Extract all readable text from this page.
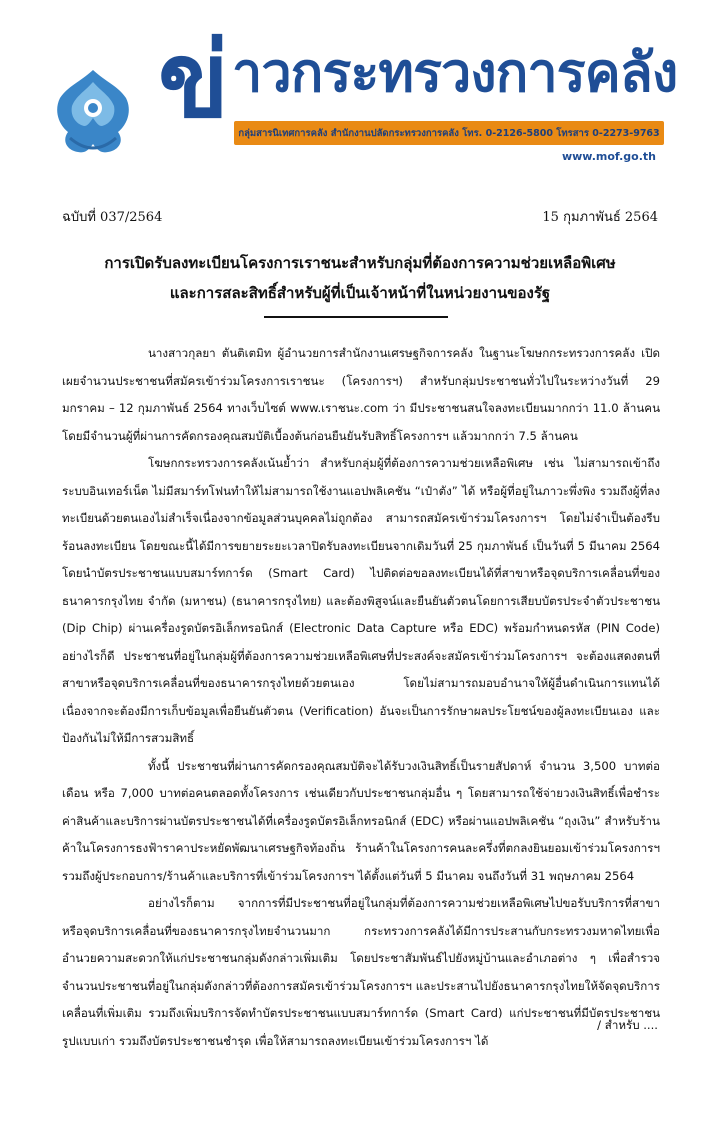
ข่ าวกระทรวงการคลัง
กลุ่มสารนิเทศการคลัง สำนักงานปลัดกระทรวงการคลัง โทร. 0-2126-5800 โทรสาร 0-2273-9763
www.mof.go.th
ฉบับที่ 037/2564	15 กุมภาพันธ์ 2564
การเปิดรับลงทะเบียนโครงการเราชนะสำหรับกลุ่มที่ต้องการความช่วยเหลือพิเศษ
และการสละสิทธิ์สำหรับผู้ที่เป็นเจ้าหน้าที่ในหน่วยงานของรัฐ

นางสาวกุลยา ตันติเตมิท ผู้อำนวยการสำนักงานเศรษฐกิจการคลัง ในฐานะโฆษกกระทรวงการคลัง เปิดเผยจำนวนประชาชนที่สมัครเข้าร่วมโครงการเราชนะ (โครงการฯ) สำหรับกลุ่มประชาชนทั่วไปในระหว่างวันที่ 29 มกราคม – 12 กุมภาพันธ์ 2564 ทางเว็บไซต์ www.เราชนะ.com ว่า มีประชาชนสนใจลงทะเบียนมากกว่า 11.0 ล้านคน โดยมีจำนวนผู้ที่ผ่านการคัดกรองคุณสมบัติเบื้องต้นก่อนยืนยันรับสิทธิ์โครงการฯ แล้วมากกว่า 7.5 ล้านคน

โฆษกกระทรวงการคลังเน้นย้ำว่า สำหรับกลุ่มผู้ที่ต้องการความช่วยเหลือพิเศษ เช่น ไม่สามารถเข้าถึงระบบอินเทอร์เน็ต ไม่มีสมาร์ทโฟนทำให้ไม่สามารถใช้งานแอปพลิเคชัน “เป๋าตัง” ได้ หรือผู้ที่อยู่ในภาวะพึ่งพิง รวมถึงผู้ที่ลงทะเบียนด้วยตนเองไม่สำเร็จเนื่องจากข้อมูลส่วนบุคคลไม่ถูกต้อง สามารถสมัครเข้าร่วมโครงการฯ โดยไม่จำเป็นต้องรีบร้อนลงทะเบียน โดยขณะนี้ได้มีการขยายระยะเวลาปิดรับลงทะเบียนจากเดิมวันที่ 25 กุมภาพันธ์ เป็นวันที่ 5 มีนาคม 2564 โดยนำบัตรประชาชนแบบสมาร์ทการ์ด (Smart Card) ไปติดต่อขอลงทะเบียนได้ที่สาขาหรือจุดบริการเคลื่อนที่ของธนาคารกรุงไทย จำกัด (มหาชน) (ธนาคารกรุงไทย) และต้องพิสูจน์และยืนยันตัวตนโดยการเสียบบัตรประจำตัวประชาชน (Dip Chip) ผ่านเครื่องรูดบัตรอิเล็กทรอนิกส์ (Electronic Data Capture หรือ EDC) พร้อมกำหนดรหัส (PIN Code) อย่างไรก็ดี ประชาชนที่อยู่ในกลุ่มผู้ที่ต้องการความช่วยเหลือพิเศษที่ประสงค์จะสมัครเข้าร่วมโครงการฯ จะต้องแสดงตนที่สาขาหรือจุดบริการเคลื่อนที่ของธนาคารกรุงไทยด้วยตนเอง โดยไม่สามารถมอบอำนาจให้ผู้อื่นดำเนินการแทนได้ เนื่องจากจะต้องมีการเก็บข้อมูลเพื่อยืนยันตัวตน (Verification) อันจะเป็นการรักษาผลประโยชน์ของผู้ลงทะเบียนเอง และป้องกันไม่ให้มีการสวมสิทธิ์

ทั้งนี้ ประชาชนที่ผ่านการคัดกรองคุณสมบัติจะได้รับวงเงินสิทธิ์เป็นรายสัปดาห์ จำนวน 3,500 บาทต่อเดือน หรือ 7,000 บาทต่อคนตลอดทั้งโครงการ เช่นเดียวกับประชาชนกลุ่มอื่น ๆ โดยสามารถใช้จ่ายวงเงินสิทธิ์เพื่อชำระค่าสินค้าและบริการผ่านบัตรประชาชนได้ที่เครื่องรูดบัตรอิเล็กทรอนิกส์ (EDC) หรือผ่านแอปพลิเคชัน “ถุงเงิน” สำหรับร้านค้าในโครงการธงฟ้าราคาประหยัดพัฒนาเศรษฐกิจท้องถิ่น ร้านค้าในโครงการคนละครึ่งที่ตกลงยินยอมเข้าร่วมโครงการฯ รวมถึงผู้ประกอบการ/ร้านค้าและบริการที่เข้าร่วมโครงการฯ ได้ตั้งแต่วันที่ 5 มีนาคม จนถึงวันที่ 31 พฤษภาคม 2564

อย่างไรก็ตาม จากการที่มีประชาชนที่อยู่ในกลุ่มที่ต้องการความช่วยเหลือพิเศษไปขอรับบริการที่สาขาหรือจุดบริการเคลื่อนที่ของธนาคารกรุงไทยจำนวนมาก กระทรวงการคลังได้มีการประสานกับกระทรวงมหาดไทยเพื่ออำนวยความสะดวกให้แก่ประชาชนกลุ่มดังกล่าวเพิ่มเติม โดยประชาสัมพันธ์ไปยังหมู่บ้านและอำเภอต่าง ๆ เพื่อสำรวจจำนวนประชาชนที่อยู่ในกลุ่มดังกล่าวที่ต้องการสมัครเข้าร่วมโครงการฯ และประสานไปยังธนาคารกรุงไทยให้จัดจุดบริการเคลื่อนที่เพิ่มเติม รวมถึงเพิ่มบริการจัดทำบัตรประชาชนแบบสมาร์ทการ์ด (Smart Card) แก่ประชาชนที่มีบัตรประชาชนรูปแบบเก่า รวมถึงบัตรประชาชนชำรุด เพื่อให้สามารถลงทะเบียนเข้าร่วมโครงการฯ ได้

/ สำหรับ ....
